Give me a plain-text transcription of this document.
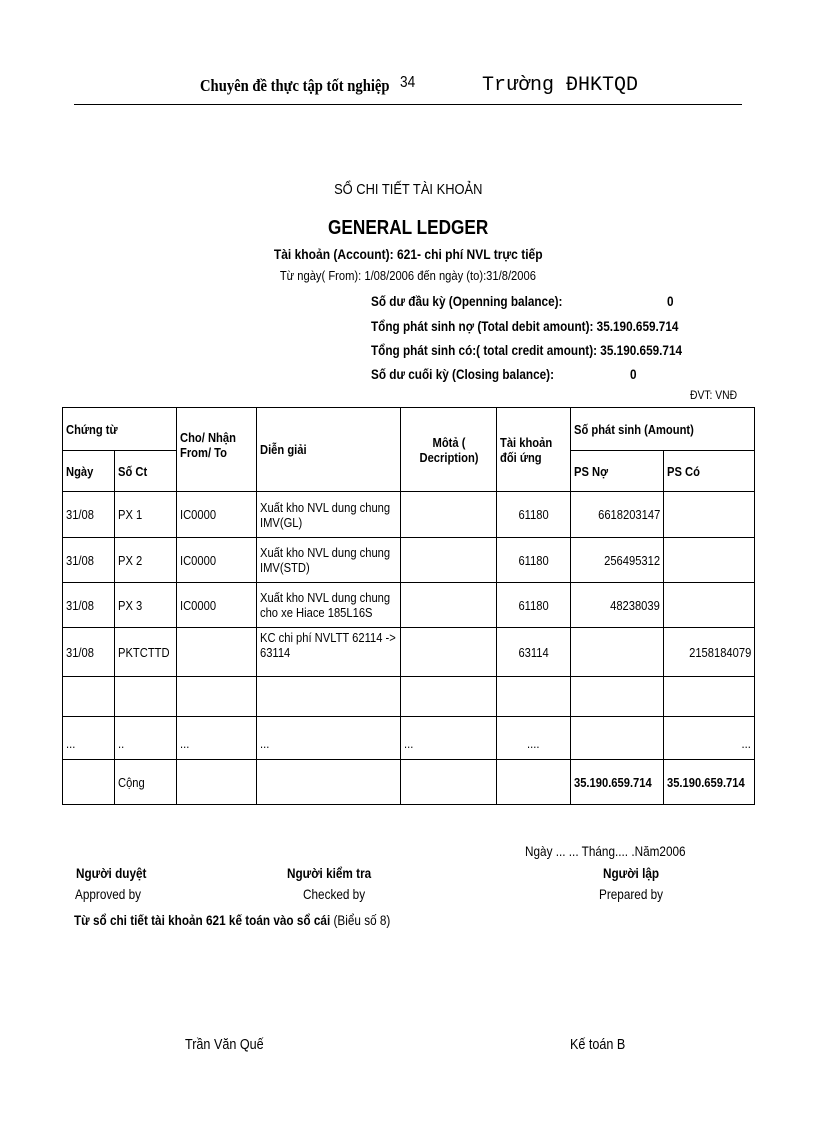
Chuyên đề thực tập tốt nghiệp 34	Trường ĐHKTQD
SỔ CHI TIẾT TÀI KHOẢN
GENERAL LEDGER
Tài khoản (Account): 621- chi phí NVL trực tiếp
Từ ngày( From): 1/08/2006 đến ngày (to):31/8/2006
Số dư đầu kỳ (Openning balance):	0
Tổng phát sinh nợ (Total debit amount): 35.190.659.714
Tổng phát sinh có:( total credit amount): 35.190.659.714
Số dư cuối kỳ (Closing balance):	0
ĐVT: VNĐ
Chứng từ		Cho/ Nhận From/ To	Diễn giải	Môtả ( Decription)	Tài khoản đối ứng	Số phát sinh (Amount)	
Ngày	Số Ct					PS Nợ	PS Có
31/08	PX 1	IC0000	Xuất kho NVL dung chung IMV(GL)		61180	6618203147	
31/08	PX 2	IC0000	Xuất kho NVL dung chung IMV(STD)		61180	256495312	
31/08	PX 3	IC0000	Xuất kho NVL dung chung cho xe Hiace 185L16S		61180	48238039	
31/08	PKTCTTD		KC chi phí NVLTT 62114 -> 63114		63114		2158184079

...	..	...	...	...	....		...
	Cộng					35.190.659.714	35.190.659.714
Ngày ... ... Tháng.... .Năm2006
Người duyệt
Approved by
Người kiểm tra
Checked by
Người lập
Prepared by
Từ sổ chi tiết tài khoản 621 kế toán vào sổ cái (Biểu số 8)
Trần Văn Quế	Kế toán B
